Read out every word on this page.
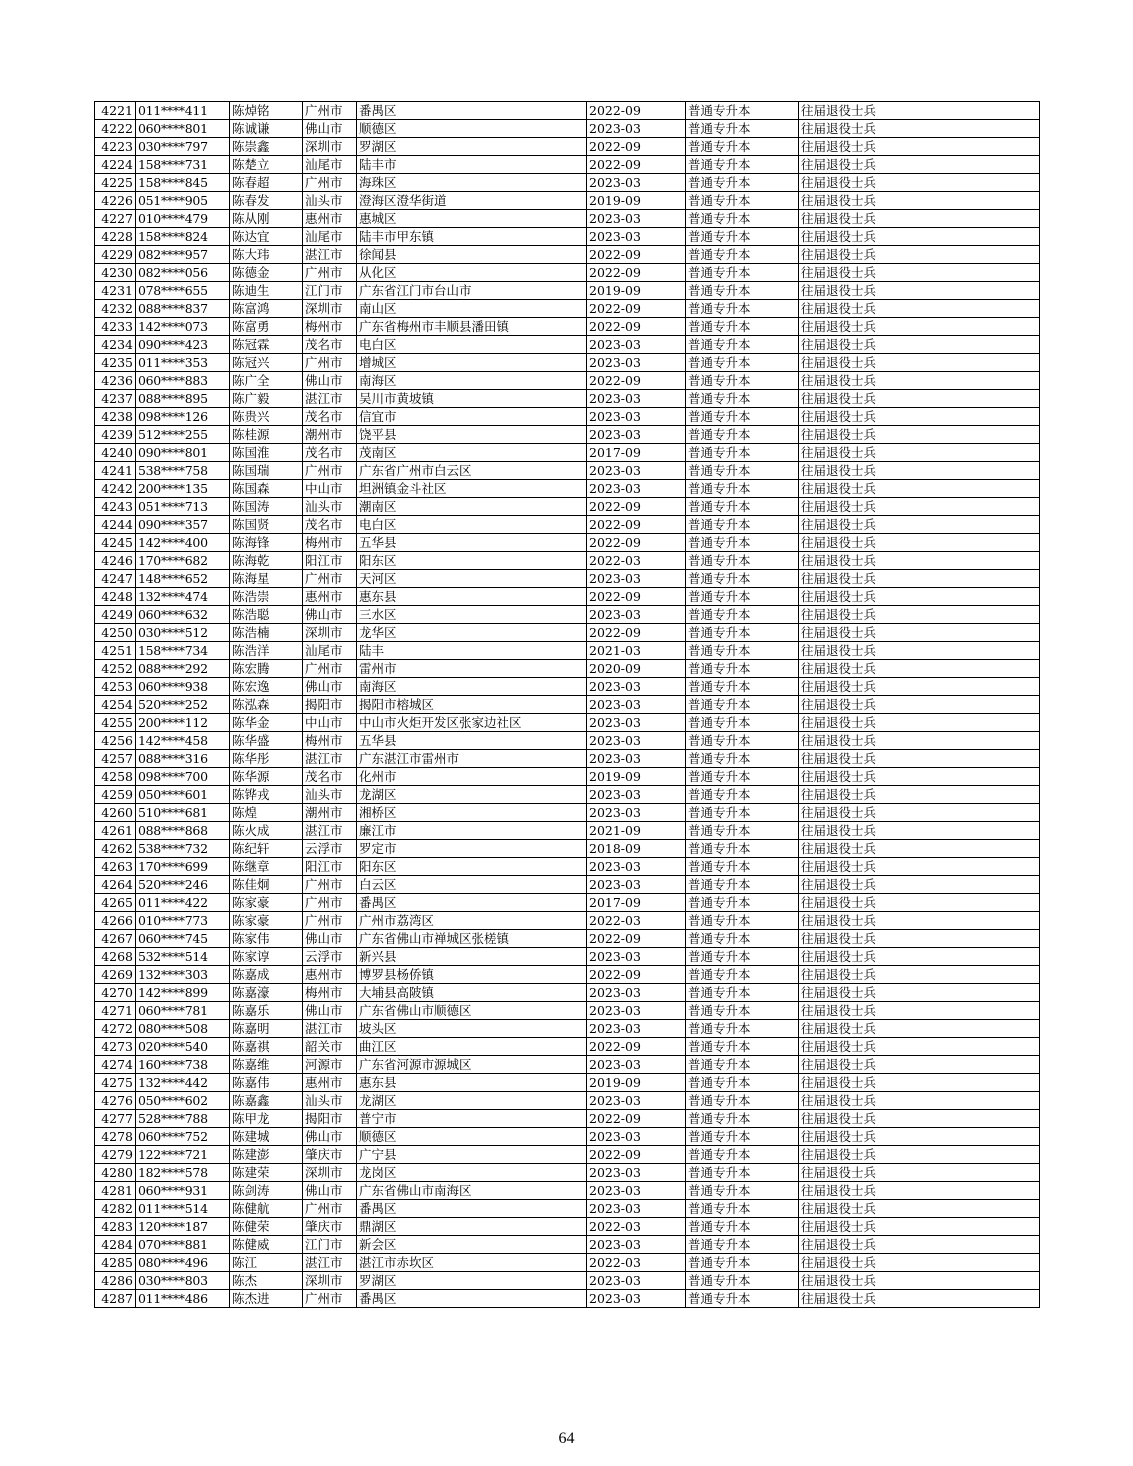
4221	011****411	陈焯铭	广州市	番禺区	2022-09	普通专升本	往届退役士兵
4222	060****801	陈诚谦	佛山市	顺德区	2023-03	普通专升本	往届退役士兵
4223	030****797	陈崇鑫	深圳市	罗湖区	2022-09	普通专升本	往届退役士兵
4224	158****731	陈楚立	汕尾市	陆丰市	2022-09	普通专升本	往届退役士兵
4225	158****845	陈春超	广州市	海珠区	2023-03	普通专升本	往届退役士兵
4226	051****905	陈春发	汕头市	澄海区澄华街道	2019-09	普通专升本	往届退役士兵
4227	010****479	陈从刚	惠州市	惠城区	2023-03	普通专升本	往届退役士兵
4228	158****824	陈达宜	汕尾市	陆丰市甲东镇	2023-03	普通专升本	往届退役士兵
4229	082****957	陈大玮	湛江市	徐闻县	2022-09	普通专升本	往届退役士兵
4230	082****056	陈德金	广州市	从化区	2022-09	普通专升本	往届退役士兵
4231	078****655	陈迪生	江门市	广东省江门市台山市	2019-09	普通专升本	往届退役士兵
4232	088****837	陈富鸿	深圳市	南山区	2022-09	普通专升本	往届退役士兵
4233	142****073	陈富勇	梅州市	广东省梅州市丰顺县潘田镇	2022-09	普通专升本	往届退役士兵
4234	090****423	陈冠霖	茂名市	电白区	2023-03	普通专升本	往届退役士兵
4235	011****353	陈冠兴	广州市	增城区	2023-03	普通专升本	往届退役士兵
4236	060****883	陈广全	佛山市	南海区	2022-09	普通专升本	往届退役士兵
4237	088****895	陈广毅	湛江市	吴川市黄坡镇	2023-03	普通专升本	往届退役士兵
4238	098****126	陈贵兴	茂名市	信宜市	2023-03	普通专升本	往届退役士兵
4239	512****255	陈桂源	潮州市	饶平县	2023-03	普通专升本	往届退役士兵
4240	090****801	陈国淮	茂名市	茂南区	2017-09	普通专升本	往届退役士兵
4241	538****758	陈国瑞	广州市	广东省广州市白云区	2023-03	普通专升本	往届退役士兵
4242	200****135	陈国森	中山市	坦洲镇金斗社区	2023-03	普通专升本	往届退役士兵
4243	051****713	陈国涛	汕头市	潮南区	2022-09	普通专升本	往届退役士兵
4244	090****357	陈国贤	茂名市	电白区	2022-09	普通专升本	往届退役士兵
4245	142****400	陈海锋	梅州市	五华县	2022-09	普通专升本	往届退役士兵
4246	170****682	陈海乾	阳江市	阳东区	2022-03	普通专升本	往届退役士兵
4247	148****652	陈海星	广州市	天河区	2023-03	普通专升本	往届退役士兵
4248	132****474	陈浩崇	惠州市	惠东县	2022-09	普通专升本	往届退役士兵
4249	060****632	陈浩聪	佛山市	三水区	2023-03	普通专升本	往届退役士兵
4250	030****512	陈浩楠	深圳市	龙华区	2022-09	普通专升本	往届退役士兵
4251	158****734	陈浩洋	汕尾市	陆丰	2021-03	普通专升本	往届退役士兵
4252	088****292	陈宏腾	广州市	雷州市	2020-09	普通专升本	往届退役士兵
4253	060****938	陈宏逸	佛山市	南海区	2023-03	普通专升本	往届退役士兵
4254	520****252	陈泓森	揭阳市	揭阳市榕城区	2023-03	普通专升本	往届退役士兵
4255	200****112	陈华金	中山市	中山市火炬开发区张家边社区	2023-03	普通专升本	往届退役士兵
4256	142****458	陈华盛	梅州市	五华县	2023-03	普通专升本	往届退役士兵
4257	088****316	陈华彤	湛江市	广东湛江市雷州市	2023-03	普通专升本	往届退役士兵
4258	098****700	陈华源	茂名市	化州市	2019-09	普通专升本	往届退役士兵
4259	050****601	陈铧戎	汕头市	龙湖区	2023-03	普通专升本	往届退役士兵
4260	510****681	陈煌	潮州市	湘桥区	2023-03	普通专升本	往届退役士兵
4261	088****868	陈火成	湛江市	廉江市	2021-09	普通专升本	往届退役士兵
4262	538****732	陈纪轩	云浮市	罗定市	2018-09	普通专升本	往届退役士兵
4263	170****699	陈继章	阳江市	阳东区	2023-03	普通专升本	往届退役士兵
4264	520****246	陈佳炯	广州市	白云区	2023-03	普通专升本	往届退役士兵
4265	011****422	陈家豪	广州市	番禺区	2017-09	普通专升本	往届退役士兵
4266	010****773	陈家豪	广州市	广州市荔湾区	2022-03	普通专升本	往届退役士兵
4267	060****745	陈家伟	佛山市	广东省佛山市禅城区张槎镇	2022-09	普通专升本	往届退役士兵
4268	532****514	陈家谆	云浮市	新兴县	2023-03	普通专升本	往届退役士兵
4269	132****303	陈嘉成	惠州市	博罗县杨侨镇	2022-09	普通专升本	往届退役士兵
4270	142****899	陈嘉濠	梅州市	大埔县高陂镇	2023-03	普通专升本	往届退役士兵
4271	060****781	陈嘉乐	佛山市	广东省佛山市顺德区	2023-03	普通专升本	往届退役士兵
4272	080****508	陈嘉明	湛江市	坡头区	2023-03	普通专升本	往届退役士兵
4273	020****540	陈嘉祺	韶关市	曲江区	2022-09	普通专升本	往届退役士兵
4274	160****738	陈嘉维	河源市	广东省河源市源城区	2023-03	普通专升本	往届退役士兵
4275	132****442	陈嘉伟	惠州市	惠东县	2019-09	普通专升本	往届退役士兵
4276	050****602	陈嘉鑫	汕头市	龙湖区	2023-03	普通专升本	往届退役士兵
4277	528****788	陈甲龙	揭阳市	普宁市	2022-09	普通专升本	往届退役士兵
4278	060****752	陈建城	佛山市	顺德区	2023-03	普通专升本	往届退役士兵
4279	122****721	陈建澎	肇庆市	广宁县	2022-09	普通专升本	往届退役士兵
4280	182****578	陈建荣	深圳市	龙岗区	2023-03	普通专升本	往届退役士兵
4281	060****931	陈剑涛	佛山市	广东省佛山市南海区	2023-03	普通专升本	往届退役士兵
4282	011****514	陈健航	广州市	番禺区	2023-03	普通专升本	往届退役士兵
4283	120****187	陈健荣	肇庆市	鼎湖区	2022-03	普通专升本	往届退役士兵
4284	070****881	陈健威	江门市	新会区	2023-03	普通专升本	往届退役士兵
4285	080****496	陈江	湛江市	湛江市赤坎区	2022-03	普通专升本	往届退役士兵
4286	030****803	陈杰	深圳市	罗湖区	2023-03	普通专升本	往届退役士兵
4287	011****486	陈杰进	广州市	番禺区	2023-03	普通专升本	往届退役士兵
64
